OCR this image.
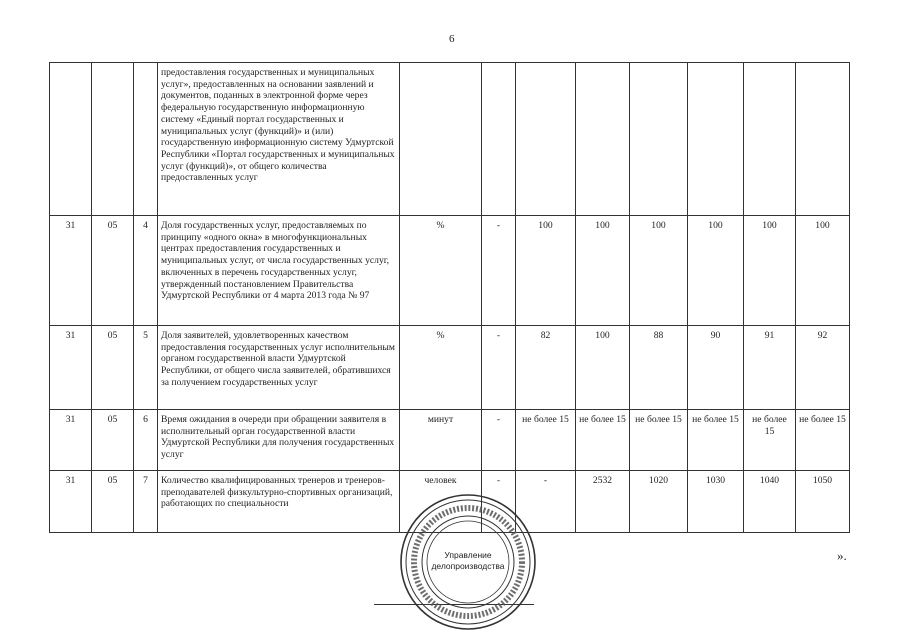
6
			предоставления государственных и муниципальных услуг», предоставленных на основании заявлений и документов, поданных в электронной форме через федеральную государственную информационную систему «Единый портал государственных и муниципальных услуг (функций)» и (или) государственную информационную систему Удмуртской Республики «Портал государственных и муниципальных услуг (функций)», от общего количества предоставленных услуг								
31	05	4	Доля государственных услуг, предоставляемых по принципу «одного окна» в многофункциональных центрах предоставления государственных и муниципальных услуг, от числа государственных услуг, включенных в перечень государственных услуг, утвержденный постановлением Правительства Удмуртской Республики от 4 марта 2013 года № 97	%	-	100	100	100	100	100	100
31	05	5	Доля заявителей, удовлетворенных качеством предоставления государственных услуг исполнительным органом государственной власти Удмуртской Республики, от общего числа заявителей, обратившихся за получением государственных услуг	%	-	82	100	88	90	91	92
31	05	6	Время ожидания в очереди при обращении заявителя в исполнительный орган государственной власти Удмуртской Республики для получения государственных услуг	минут	-	не более 15	не более 15	не более 15	не более 15	не более 15	не более 15
31	05	7	Количество квалифицированных тренеров и тренеров-преподавателей физкультурно-спортивных организаций, работающих по специальности	человек	-	-	2532	1020	1030	1040	1050
Управление
делопроизводства
».
